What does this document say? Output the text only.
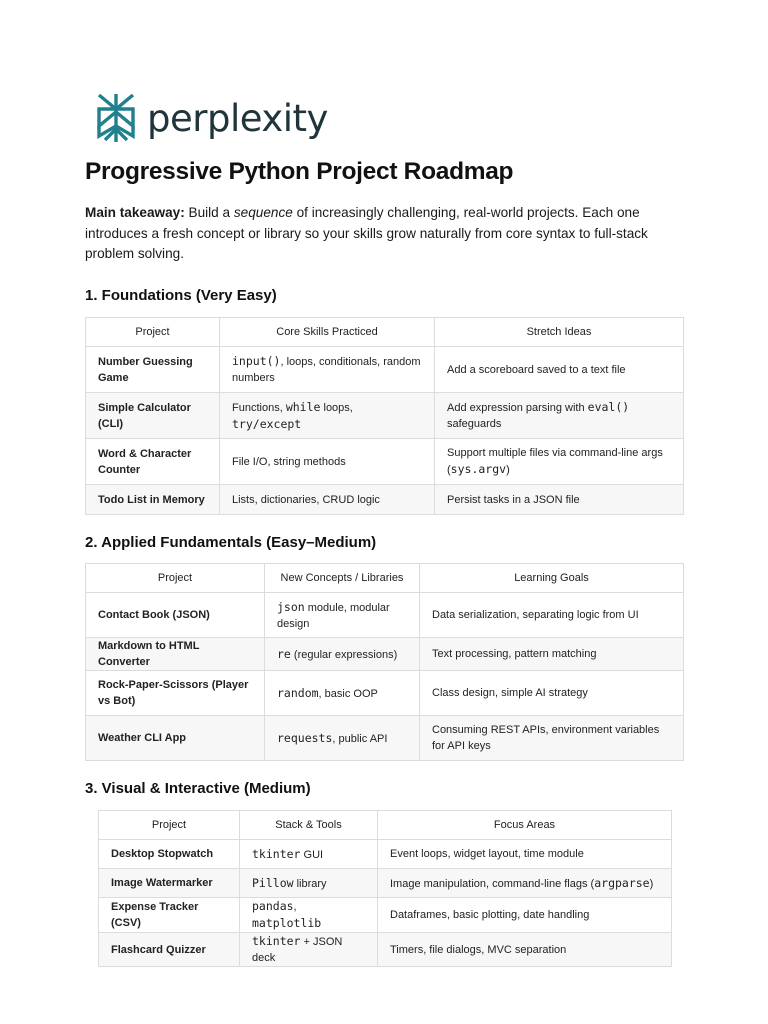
perplexity
Progressive Python Project Roadmap

Main takeaway: Build a sequence of increasingly challenging, real-world projects. Each one introduces a fresh concept or library so your skills grow naturally from core syntax to full-stack problem solving.

1. Foundations (Very Easy)
Project	Core Skills Practiced	Stretch Ideas
Number Guessing Game	input(), loops, conditionals, random numbers	Add a scoreboard saved to a text file
Simple Calculator (CLI)	Functions, while loops, try/except	Add expression parsing with eval() safeguards
Word & Character Counter	File I/O, string methods	Support multiple files via command-line args (sys.argv)
Todo List in Memory	Lists, dictionaries, CRUD logic	Persist tasks in a JSON file
2. Applied Fundamentals (Easy–Medium)
Project	New Concepts / Libraries	Learning Goals
Contact Book (JSON)	json module, modular design	Data serialization, separating logic from UI
Markdown to HTML Converter	re (regular expressions)	Text processing, pattern matching
Rock-Paper-Scissors (Player vs Bot)	random, basic OOP	Class design, simple AI strategy
Weather CLI App	requests, public API	Consuming REST APIs, environment variables for API keys
3. Visual & Interactive (Medium)
Project	Stack & Tools	Focus Areas
Desktop Stopwatch	tkinter GUI	Event loops, widget layout, time module
Image Watermarker	Pillow library	Image manipulation, command-line flags (argparse)
Expense Tracker (CSV)	pandas, matplotlib	Dataframes, basic plotting, date handling
Flashcard Quizzer	tkinter + JSON deck	Timers, file dialogs, MVC separation
